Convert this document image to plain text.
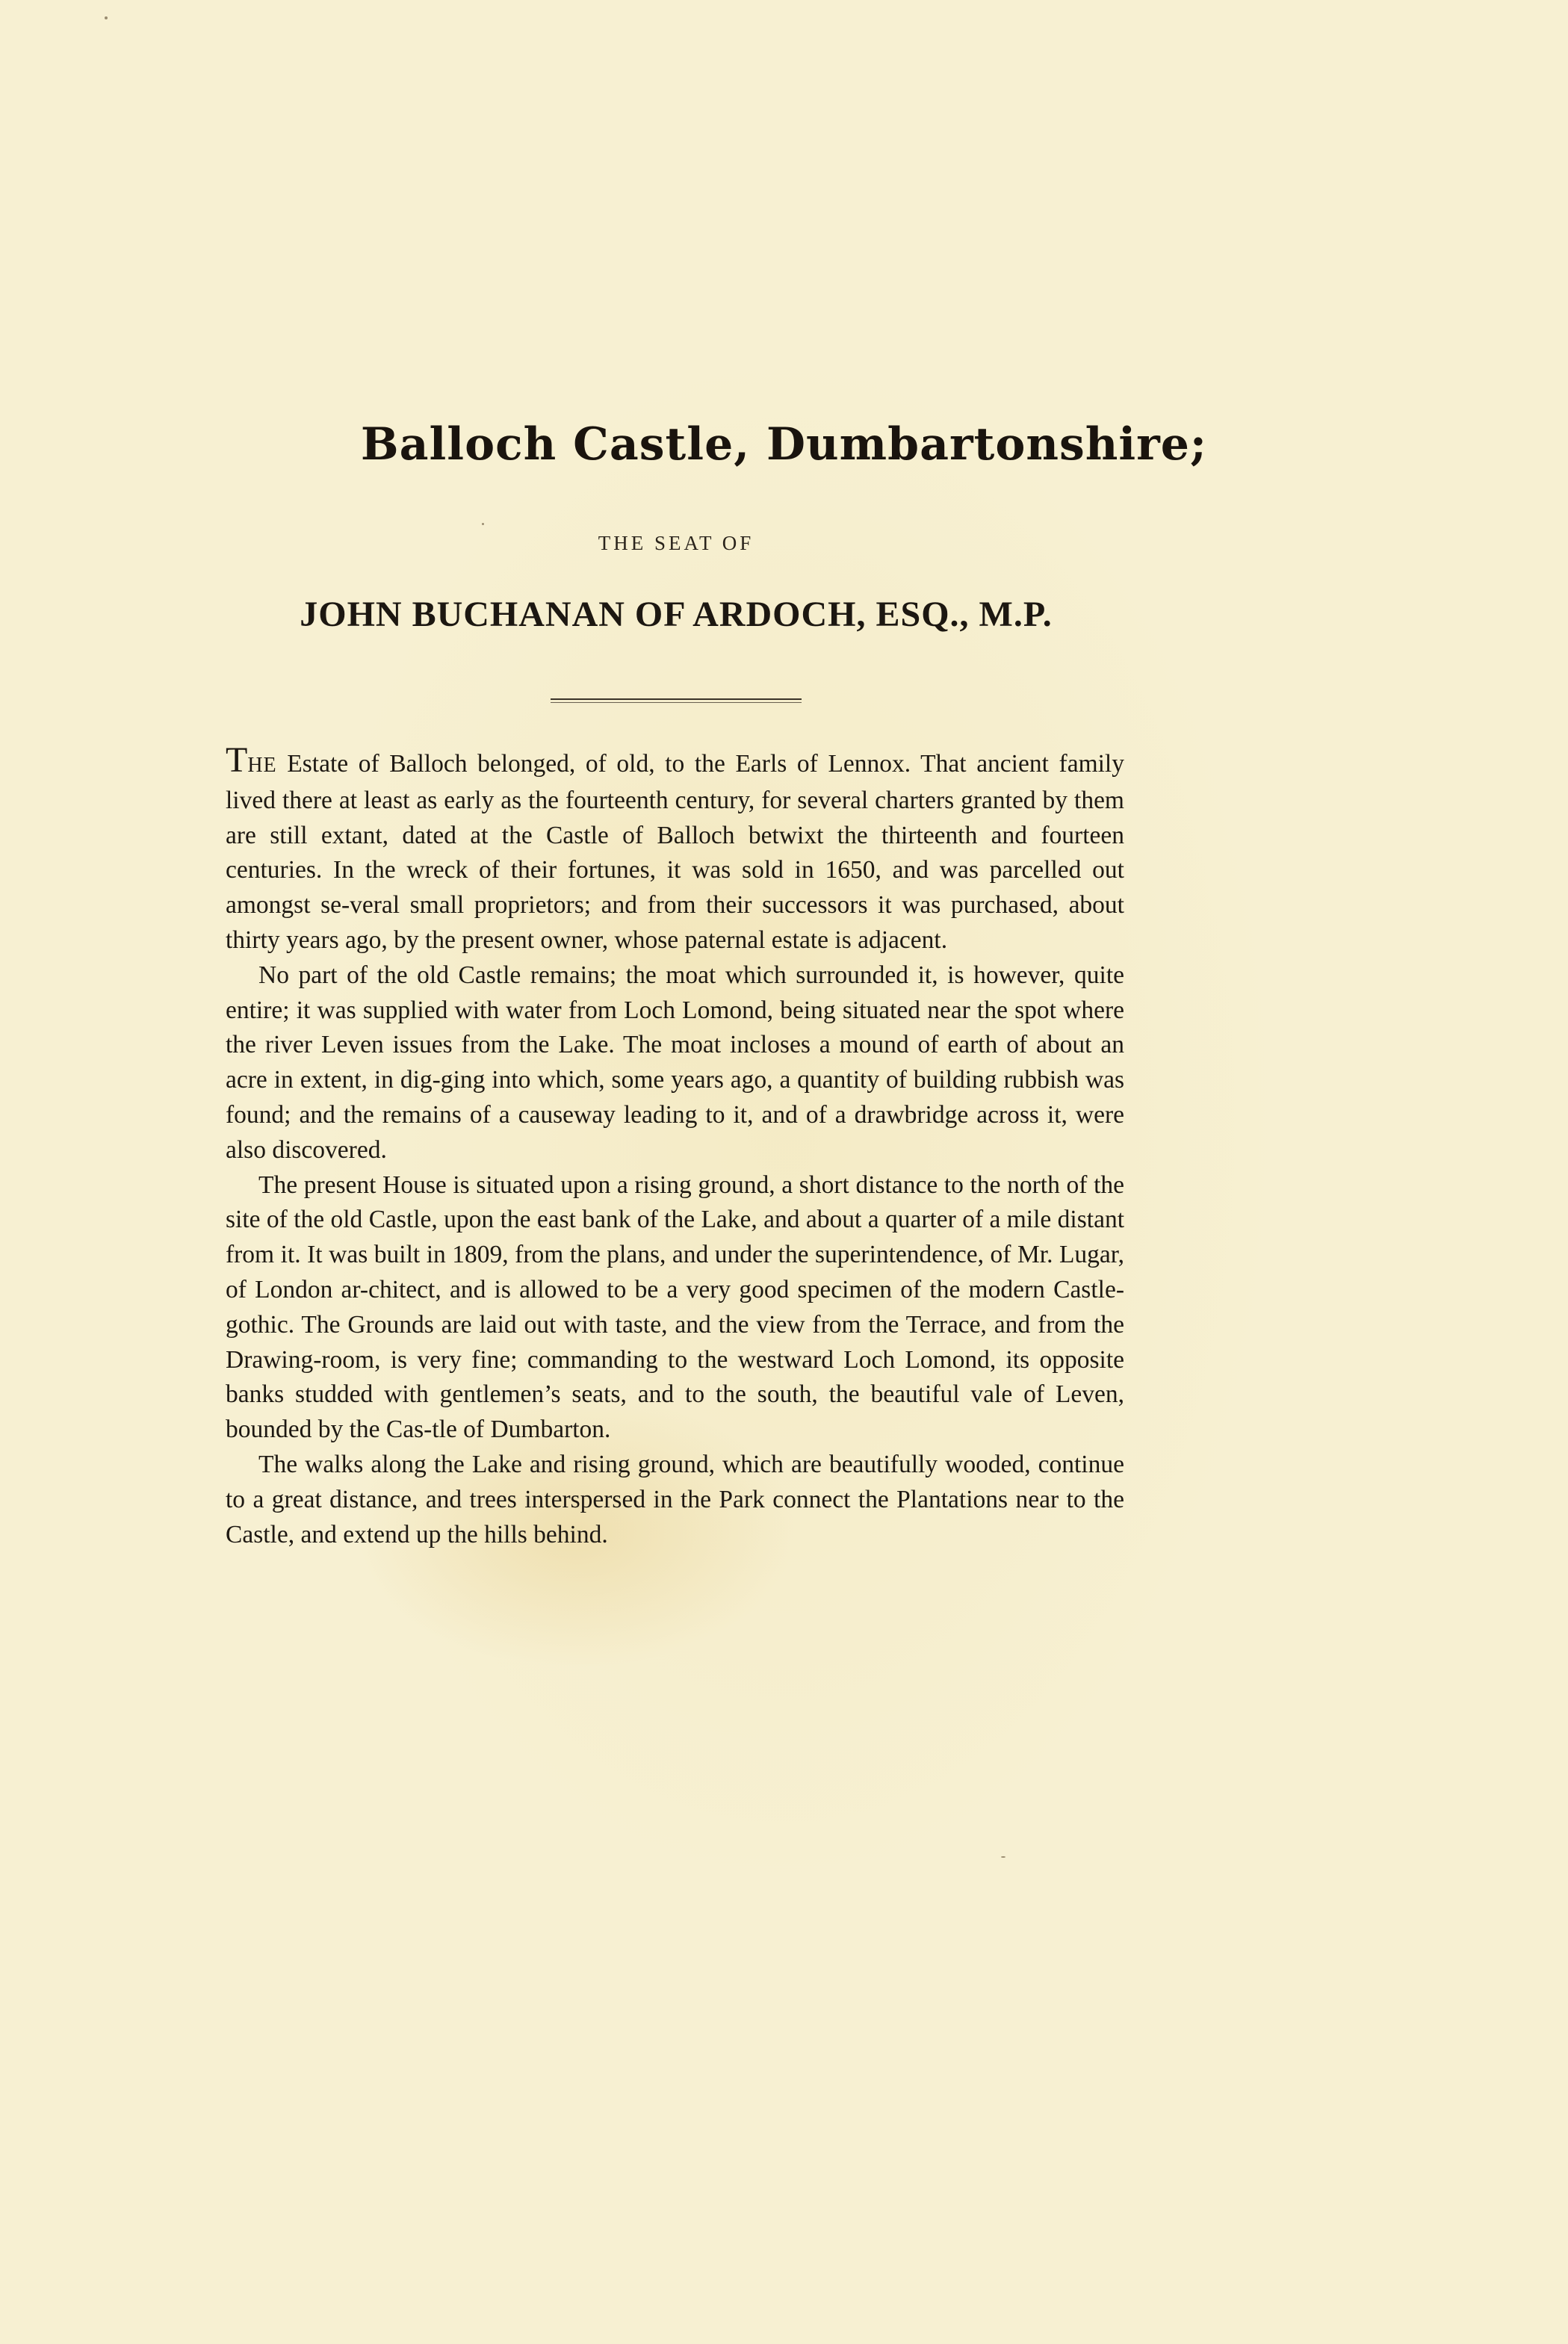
Balloch Castle, Dumbartonshire;
THE SEAT OF
JOHN BUCHANAN OF ARDOCH, ESQ., M.P.

THE Estate of Balloch belonged, of old, to the Earls of Lennox. That ancient family lived there at least as early as the fourteenth century, for several charters granted by them are still extant, dated at the Castle of Balloch betwixt the thirteenth and fourteen centuries. In the wreck of their fortunes, it was sold in 1650, and was parcelled out amongst se-veral small proprietors; and from their successors it was purchased, about thirty years ago, by the present owner, whose paternal estate is adjacent.

No part of the old Castle remains; the moat which surrounded it, is however, quite entire; it was supplied with water from Loch Lomond, being situated near the spot where the river Leven issues from the Lake. The moat incloses a mound of earth of about an acre in extent, in dig-ging into which, some years ago, a quantity of building rubbish was found; and the remains of a causeway leading to it, and of a drawbridge across it, were also discovered.

The present House is situated upon a rising ground, a short distance to the north of the site of the old Castle, upon the east bank of the Lake, and about a quarter of a mile distant from it. It was built in 1809, from the plans, and under the superintendence, of Mr. Lugar, of London ar-chitect, and is allowed to be a very good specimen of the modern Castle-gothic. The Grounds are laid out with taste, and the view from the Terrace, and from the Drawing-room, is very fine; commanding to the westward Loch Lomond, its opposite banks studded with gentlemen’s seats, and to the south, the beautiful vale of Leven, bounded by the Cas-tle of Dumbarton.

The walks along the Lake and rising ground, which are beautifully wooded, continue to a great distance, and trees interspersed in the Park connect the Plantations near to the Castle, and extend up the hills behind.
